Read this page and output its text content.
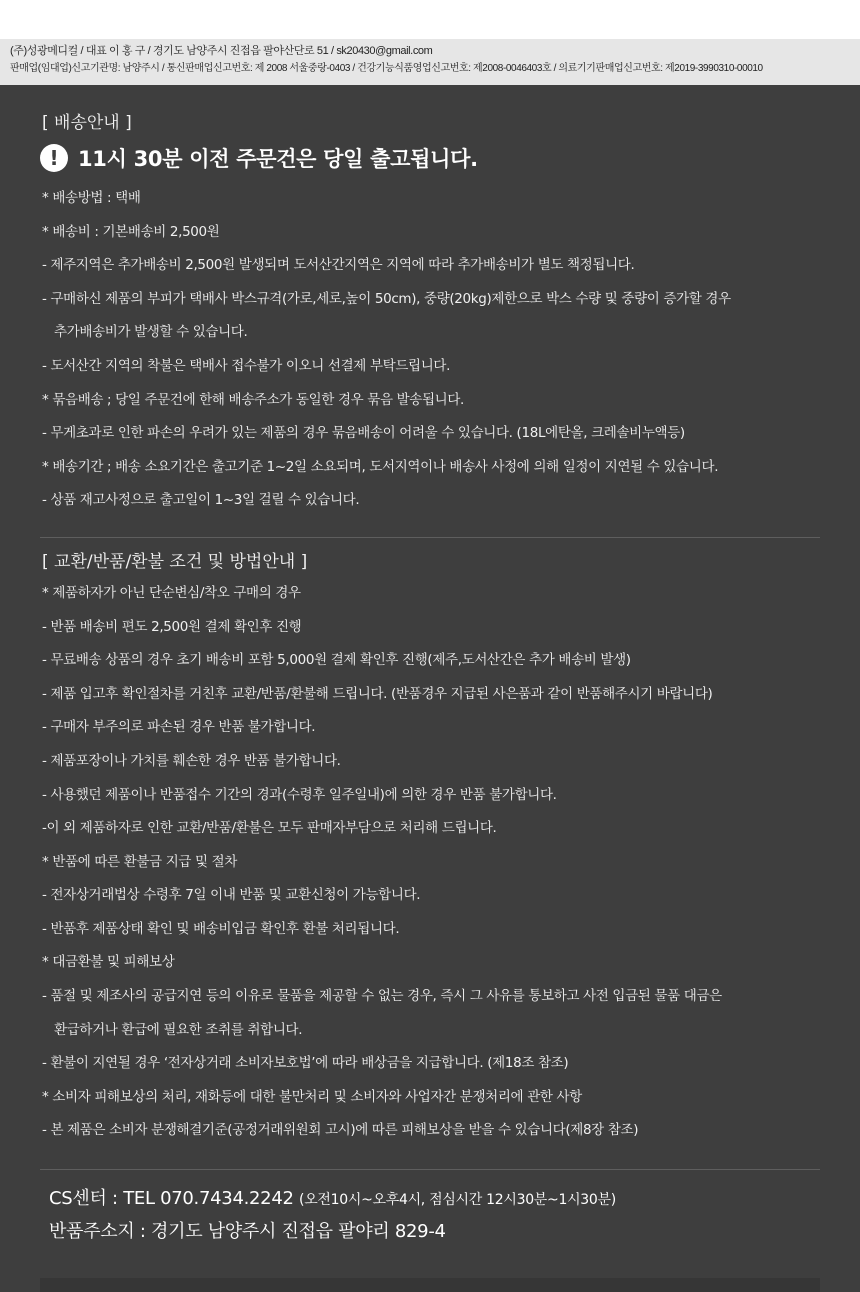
(주)성광메디컬 / 대표 이 홍 구 / 경기도 남양주시 진접읍 팔야산단로 51 / sk20430@gmail.com
판매업(임대업)신고기관명: 남양주시 / 통신판매업신고번호: 제 2008 서울중랑-0403 / 건강기능식품영업신고번호: 제2008-0046403호 / 의료기기판매업신고번호: 제2019-3990310-00010
[ 배송안내 ]
! 11시 30분 이전 주문건은 당일 출고됩니다.
* 배송방법 : 택배
* 배송비 : 기본배송비 2,500원
- 제주지역은 추가배송비 2,500원 발생되며 도서산간지역은 지역에 따라 추가배송비가 별도 책정됩니다.
- 구매하신 제품의 부피가 택배사 박스규격(가로,세로,높이 50cm), 중량(20kg)제한으로 박스 수량 및 중량이 증가할 경우
추가배송비가 발생할 수 있습니다.
- 도서산간 지역의 착불은 택배사 접수불가 이오니 선결제 부탁드립니다.
* 묶음배송 ; 당일 주문건에 한해 배송주소가 동일한 경우 묶음 발송됩니다.
- 무게초과로 인한 파손의 우려가 있는 제품의 경우 묶음배송이 어려울 수 있습니다. (18L에탄올, 크레솔비누액등)
* 배송기간 ; 배송 소요기간은 출고기준 1~2일 소요되며, 도서지역이나 배송사 사정에 의해 일정이 지연될 수 있습니다.
- 상품 재고사정으로 출고일이 1~3일 걸릴 수 있습니다.
[ 교환/반품/환불 조건 및 방법안내 ]
* 제품하자가 아닌 단순변심/착오 구매의 경우
- 반품 배송비 편도 2,500원 결제 확인후 진행
- 무료배송 상품의 경우 초기 배송비 포함 5,000원 결제 확인후 진행(제주,도서산간은 추가 배송비 발생)
- 제품 입고후 확인절차를 거친후 교환/반품/환불해 드립니다. (반품경우 지급된 사은품과 같이 반품해주시기 바랍니다)
- 구매자 부주의로 파손된 경우 반품 불가합니다.
- 제품포장이나 가치를 훼손한 경우 반품 불가합니다.
- 사용했던 제품이나 반품접수 기간의 경과(수령후 일주일내)에 의한 경우 반품 불가합니다.
-이 외 제품하자로 인한 교환/반품/환불은 모두 판매자부담으로 처리해 드립니다.
* 반품에 따른 환불금 지급 및 절차
- 전자상거래법상 수령후 7일 이내 반품 및 교환신청이 가능합니다.
- 반품후 제품상태 확인 및 배송비입금 확인후 환불 처리됩니다.
* 대금환불 및 피해보상
- 품절 및 제조사의 공급지연 등의 이유로 물품을 제공할 수 없는 경우, 즉시 그 사유를 통보하고 사전 입금된 물품 대금은
환급하거나 환급에 필요한 조취를 취합니다.
- 환불이 지연될 경우 ‘전자상거래 소비자보호법’에 따라 배상금을 지급합니다. (제18조 참조)
* 소비자 피해보상의 처리, 재화등에 대한 불만처리 및 소비자와 사업자간 분쟁처리에 관한 사항
- 본 제품은 소비자 분쟁해결기준(공정거래위원회 고시)에 따른 피해보상을 받을 수 있습니다(제8장 참조)
CS센터 : TEL 070.7434.2242 (오전10시~오후4시, 점심시간 12시30분~1시30분)
반품주소지 : 경기도 남양주시 진접읍 팔야리 829-4
